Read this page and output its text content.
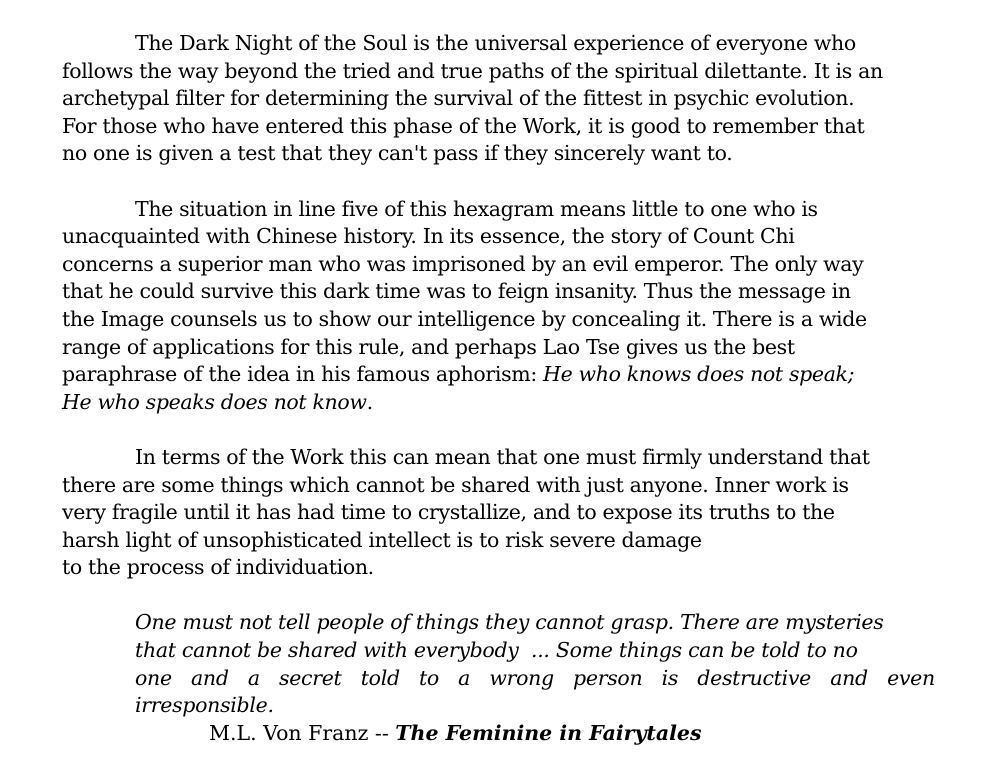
The Dark Night of the Soul is the universal experience of everyone who
follows the way beyond the tried and true paths of the spiritual dilettante. It is an
archetypal filter for determining the survival of the fittest in psychic evolution.
For those who have entered this phase of the Work, it is good to remember that
no one is given a test that they can't pass if they sincerely want to.
The situation in line five of this hexagram means little to one who is
unacquainted with Chinese history. In its essence, the story of Count Chi
concerns a superior man who was imprisoned by an evil emperor. The only way
that he could survive this dark time was to feign insanity. Thus the message in
the Image counsels us to show our intelligence by concealing it. There is a wide
range of applications for this rule, and perhaps Lao Tse gives us the best
paraphrase of the idea in his famous aphorism: He who knows does not speak;
He who speaks does not know.
In terms of the Work this can mean that one must firmly understand that
there are some things which cannot be shared with just anyone. Inner work is
very fragile until it has had time to crystallize, and to expose its truths to the
harsh light of unsophisticated intellect is to risk severe damage
to the process of individuation.
One must not tell people of things they cannot grasp. There are mysteries
that cannot be shared with everybody  ... Some things can be told to no
one and a secret told to a wrong person is destructive and even
irresponsible.
M.L. Von Franz -- The Feminine in Fairytales
